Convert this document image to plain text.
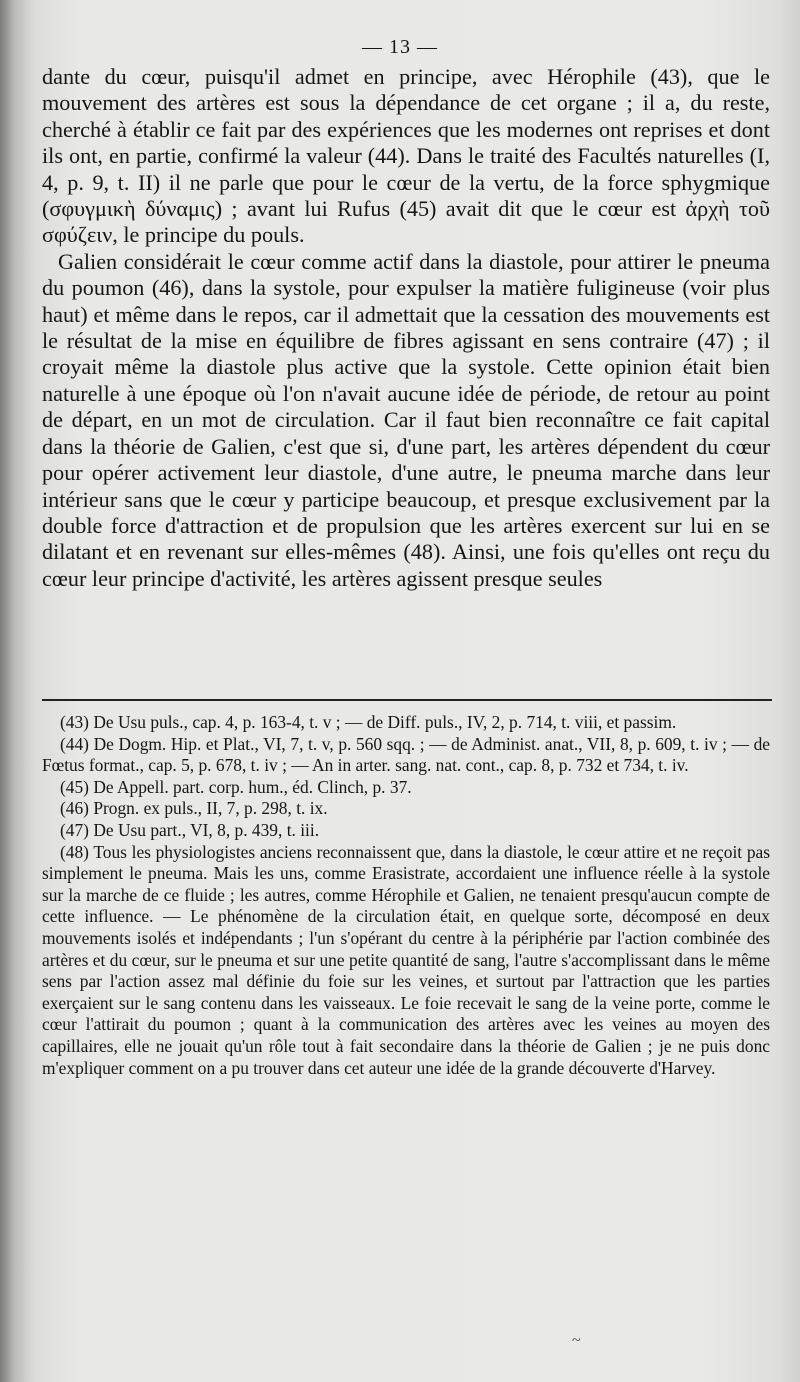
— 13 —

dante du cœur, puisqu'il admet en principe, avec Hérophile (43), que le mouvement des artères est sous la dépendance de cet organe ; il a, du reste, cherché à établir ce fait par des expériences que les modernes ont reprises et dont ils ont, en partie, confirmé la valeur (44). Dans le traité des Facultés naturelles (I, 4, p. 9, t. II) il ne parle que pour le cœur de la vertu, de la force sphygmique (σφυγμικὴ δύναμις) ; avant lui Rufus (45) avait dit que le cœur est ἀρχὴ τοῦ σφύζειν, le principe du pouls.

Galien considérait le cœur comme actif dans la diastole, pour attirer le pneuma du poumon (46), dans la systole, pour expulser la matière fuligineuse (voir plus haut) et même dans le repos, car il admettait que la cessation des mouvements est le résultat de la mise en équilibre de fibres agissant en sens contraire (47) ; il croyait même la diastole plus active que la systole. Cette opinion était bien naturelle à une époque où l'on n'avait aucune idée de période, de retour au point de départ, en un mot de circulation. Car il faut bien reconnaître ce fait capital dans la théorie de Galien, c'est que si, d'une part, les artères dépendent du cœur pour opérer activement leur diastole, d'une autre, le pneuma marche dans leur intérieur sans que le cœur y participe beaucoup, et presque exclusivement par la double force d'attraction et de propulsion que les artères exercent sur lui en se dilatant et en revenant sur elles-mêmes (48). Ainsi, une fois qu'elles ont reçu du cœur leur principe d'activité, les artères agissent presque seules

(43) De Usu puls., cap. 4, p. 163-4, t. v ; — de Diff. puls., IV, 2, p. 714, t. viii, et passim.

(44) De Dogm. Hip. et Plat., VI, 7, t. v, p. 560 sqq. ; — de Administ. anat., VII, 8, p. 609, t. iv ; — de Fœtus format., cap. 5, p. 678, t. iv ; — An in arter. sang. nat. cont., cap. 8, p. 732 et 734, t. iv.

(45) De Appell. part. corp. hum., éd. Clinch, p. 37.

(46) Progn. ex puls., II, 7, p. 298, t. ix.

(47) De Usu part., VI, 8, p. 439, t. iii.

(48) Tous les physiologistes anciens reconnaissent que, dans la diastole, le cœur attire et ne reçoit pas simplement le pneuma. Mais les uns, comme Erasistrate, accordaient une influence réelle à la systole sur la marche de ce fluide ; les autres, comme Hérophile et Galien, ne tenaient presqu'aucun compte de cette influence. — Le phénomène de la circulation était, en quelque sorte, décomposé en deux mouvements isolés et indépendants ; l'un s'opérant du centre à la périphérie par l'action combinée des artères et du cœur, sur le pneuma et sur une petite quantité de sang, l'autre s'accomplissant dans le même sens par l'action assez mal définie du foie sur les veines, et surtout par l'attraction que les parties exerçaient sur le sang contenu dans les vaisseaux. Le foie recevait le sang de la veine porte, comme le cœur l'attirait du poumon ; quant à la communication des artères avec les veines au moyen des capillaires, elle ne jouait qu'un rôle tout à fait secondaire dans la théorie de Galien ; je ne puis donc m'expliquer comment on a pu trouver dans cet auteur une idée de la grande découverte d'Harvey.

~
